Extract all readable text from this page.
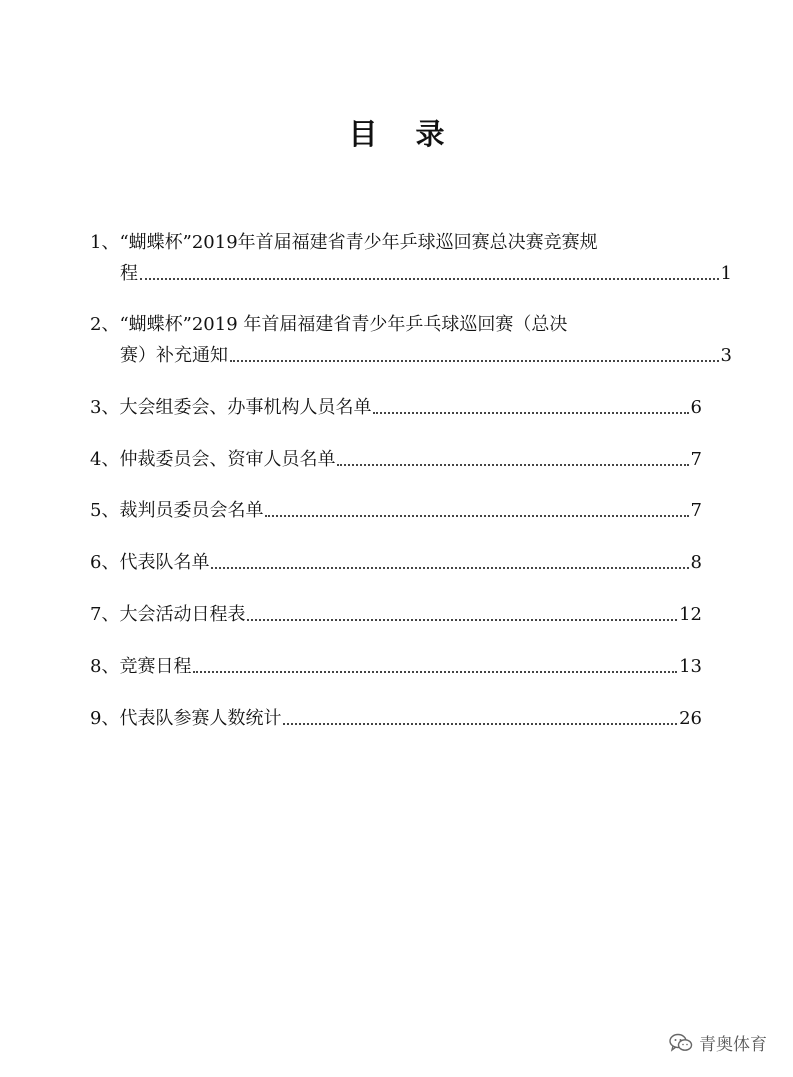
目 录
1、“蝴蝶杯”2019年首届福建省青少年乒球巡回赛总决赛竞赛规
程	1
2、“蝴蝶杯”2019 年首届福建省青少年乒乓球巡回赛（总决
赛）补充通知	3
3、大会组委会、办事机构人员名单	6
4、仲裁委员会、资审人员名单	7
5、裁判员委员会名单	7
6、代表队名单	8
7、大会活动日程表	12
8、竞赛日程	13
9、代表队参赛人数统计	26
青奥体育
